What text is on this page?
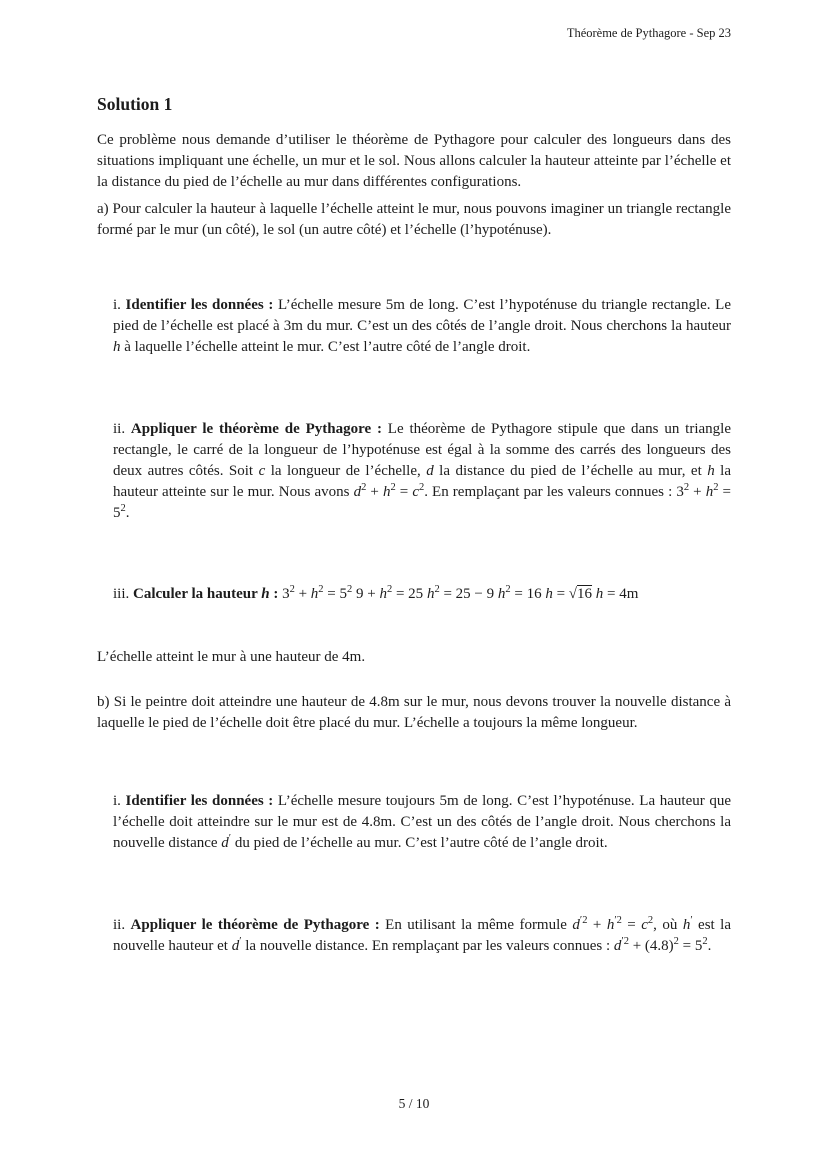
Théorème de Pythagore - Sep 23
Solution 1

Ce problème nous demande d’utiliser le théorème de Pythagore pour calculer des longueurs dans des situations impliquant une échelle, un mur et le sol. Nous allons calculer la hauteur atteinte par l’échelle et la distance du pied de l’échelle au mur dans différentes configurations.

a) Pour calculer la hauteur à laquelle l’échelle atteint le mur, nous pouvons imaginer un triangle rectangle formé par le mur (un côté), le sol (un autre côté) et l’échelle (l’hypoténuse).

i. Identifier les données : L’échelle mesure 5m de long. C’est l’hypoténuse du triangle rectangle. Le pied de l’échelle est placé à 3m du mur. C’est un des côtés de l’angle droit. Nous cherchons la hauteur h à laquelle l’échelle atteint le mur. C’est l’autre côté de l’angle droit.
ii. Appliquer le théorème de Pythagore : Le théorème de Pythagore stipule que dans un triangle rectangle, le carré de la longueur de l’hypoténuse est égal à la somme des carrés des longueurs des deux autres côtés. Soit c la longueur de l’échelle, d la distance du pied de l’échelle au mur, et h la hauteur atteinte sur le mur. Nous avons $d^2 + h^2 = c^2$. En remplaçant par les valeurs connues : $3^2 + h^2 = 5^2$.
iii. Calculer la hauteur h : $3^2 + h^2 = 5^2$ $9 + h^2 = 25$ $h^2 = 25 - 9$ $h^2 = 16$ h = √16 h = 4m

L’échelle atteint le mur à une hauteur de 4m.

b) Si le peintre doit atteindre une hauteur de 4.8m sur le mur, nous devons trouver la nouvelle distance à laquelle le pied de l’échelle doit être placé du mur. L’échelle a toujours la même longueur.

i. Identifier les données : L’échelle mesure toujours 5m de long. C’est l’hypoténuse. La hauteur que l’échelle doit atteindre sur le mur est de 4.8m. C’est un des côtés de l’angle droit. Nous cherchons la nouvelle distance d′ du pied de l’échelle au mur. C’est l’autre côté de l’angle droit.
ii. Appliquer le théorème de Pythagore : En utilisant la même formule $d^{'2} + h^{'2} = c^2$, où h′ est la nouvelle hauteur et d′ la nouvelle distance. En remplaçant par les valeurs connues : $d^{'2} + (4.8)^2 = 5^2$.
5 / 10
